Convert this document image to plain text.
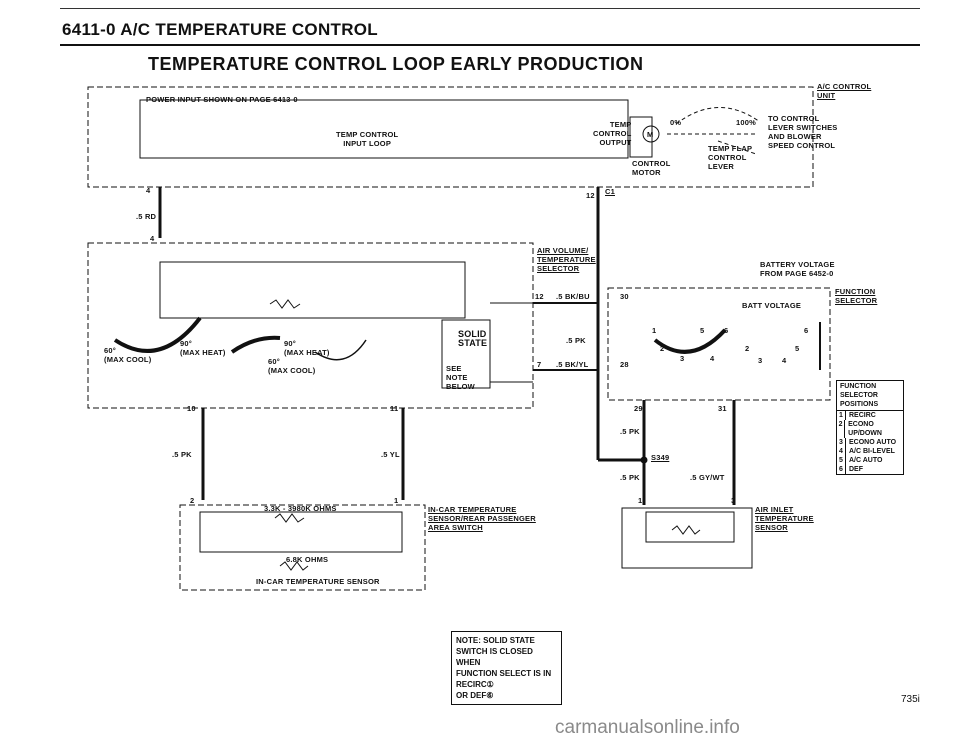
6411-0 A/C TEMPERATURE CONTROL
TEMPERATURE CONTROL LOOP EARLY PRODUCTION
A/C CONTROL
UNIT
POWER INPUT SHOWN ON PAGE 6413-0
TEMP CONTROL
INPUT LOOP
TEMP
CONTROL
OUTPUT
M
CONTROL
MOTOR
0%	100%
TEMP FLAP
CONTROL
LEVER
TO CONTROL
LEVER SWITCHES
AND BLOWER
SPEED CONTROL
4
.5 RD
4
12 C1
AIR VOLUME/
TEMPERATURE
SELECTOR	BATTERY VOLTAGE
FROM PAGE 6452-0
FUNCTION
SELECTOR
BATT VOLTAGE
12 .5 BK/BU
.5 PK
7 .5 BK/YL
30
28
SOLID
STATE
SEE
NOTE
BELOW
60°
(MAX COOL)
90°
(MAX HEAT)
90°
(MAX HEAT)
60°
(MAX COOL)
1	5	6
2
3	4
6
2	5
3	4
10	11	29	31
.5 PK
.5 PK	.5 YL	S349
.5 PK	.5 GY/WT
2	1	1	3
IN-CAR TEMPERATURE
SENSOR/REAR PASSENGER
AREA SWITCH
3.3K - 3980K OHMS
6.8K OHMS
IN-CAR TEMPERATURE SENSOR
AIR INLET
TEMPERATURE
SENSOR
FUNCTION SELECTOR
POSITIONS
1 RECIRC
2 ECONO UP/DOWN
3 ECONO AUTO
4 A/C BI-LEVEL
5 A/C AUTO
6 DEF
NOTE: SOLID STATE
SWITCH IS CLOSED WHEN
FUNCTION SELECT IS IN
RECIRC①
OR DEF⑥	735i
carmanualsonline.info
